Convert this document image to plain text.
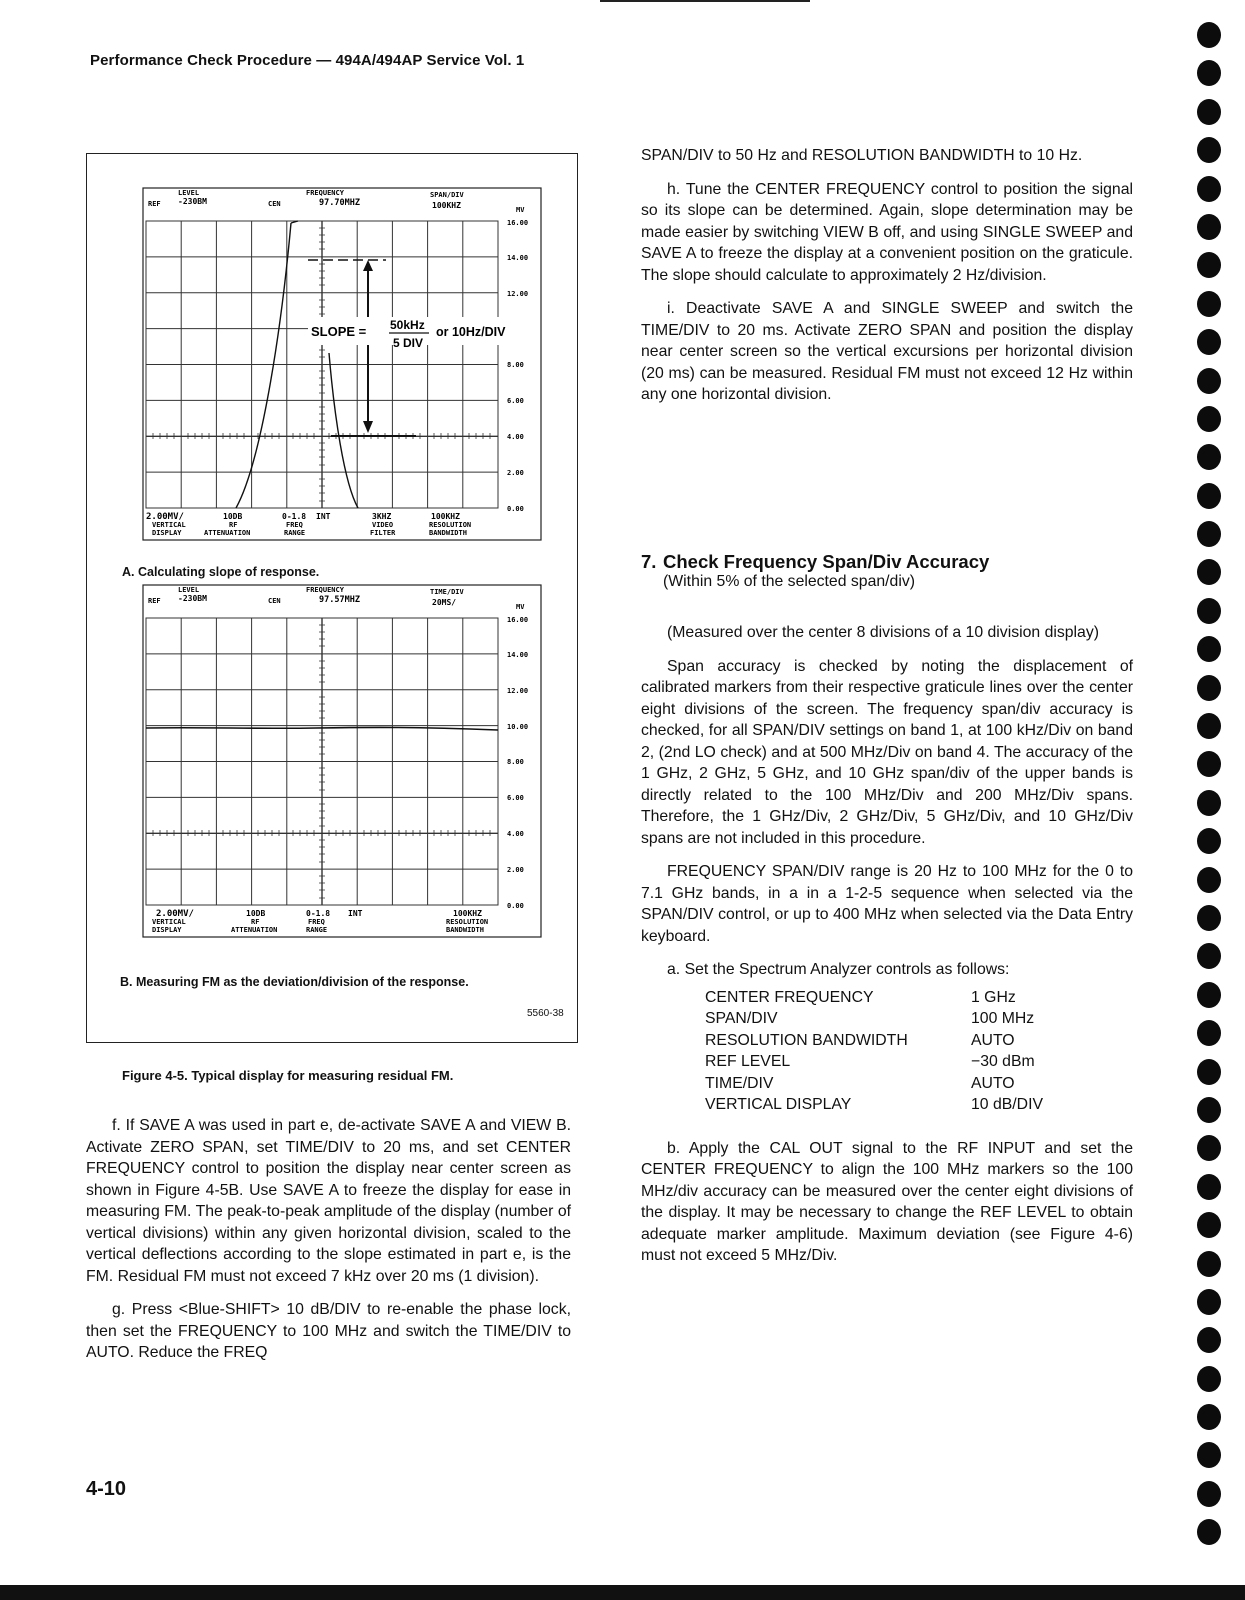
Performance Check Procedure — 494A/494AP Service Vol. 1
LEVEL
REF -230BM	CEN
FREQUENCY
97.70MHZ
SPAN/DIV
100KHZ	MV
SLOPE = 50kHz
5 DIV
or 10Hz/DIV
16.00
14.00
12.00
8.00
6.00
4.00
2.00
0.00
2.00MV/
VERTICAL
DISPLAY
10DB
RF
ATTENUATION
0-1.8
FREQ
RANGE
INT	3KHZ
VIDEO
FILTER
100KHZ
RESOLUTION
BANDWIDTH
LEVEL
REF -230BM	CEN
FREQUENCY
97.57MHZ
TIME/DIV
20MS/	MV
16.00
14.00
12.00
10.00
8.00
6.00
4.00
2.00
0.00
2.00MV/
VERTICAL
DISPLAY
10DB
RF
ATTENUATION
0-1.8
FREQ
RANGE
INT	100KHZ
RESOLUTION
BANDWIDTH
A. Calculating slope of response.
B. Measuring FM as the deviation/division of the response.
5560-38
Figure 4-5. Typical display for measuring residual FM.

f. If SAVE A was used in part e, de-activate SAVE A and VIEW B. Activate ZERO SPAN, set TIME/DIV to 20 ms, and set CENTER FREQUENCY control to position the display near center screen as shown in Figure 4-5B. Use SAVE A to freeze the display for ease in measuring FM. The peak-to-peak amplitude of the display (number of vertical divisions) within any given horizontal division, scaled to the vertical deflections according to the slope estimated in part e, is the FM. Residual FM must not exceed 7 kHz over 20 ms (1 division).

g. Press <Blue-SHIFT> 10 dB/DIV to re-enable the phase lock, then set the FREQUENCY to 100 MHz and switch the TIME/DIV to AUTO. Reduce the FREQ

SPAN/DIV to 50 Hz and RESOLUTION BANDWIDTH to 10 Hz.

h. Tune the CENTER FREQUENCY control to position the signal so its slope can be determined. Again, slope determination may be made easier by switching VIEW B off, and using SINGLE SWEEP and SAVE A to freeze the display at a convenient position on the graticule. The slope should calculate to approximately 2 Hz/division.

i. Deactivate SAVE A and SINGLE SWEEP and switch the TIME/DIV to 20 ms. Activate ZERO SPAN and position the display near center screen so the vertical excursions per horizontal division (20 ms) can be measured. Residual FM must not exceed 12 Hz within any one horizontal division.

7. Check Frequency Span/Div Accuracy
(Within 5% of the selected span/div)

(Measured over the center 8 divisions of a 10 division display)

Span accuracy is checked by noting the displacement of calibrated markers from their respective graticule lines over the center eight divisions of the screen. The frequency span/div accuracy is checked, for all SPAN/DIV settings on band 1, at 100 kHz/Div on band 2, (2nd LO check) and at 500 MHz/Div on band 4. The accuracy of the 1 GHz, 2 GHz, 5 GHz, and 10 GHz span/div of the upper bands is directly related to the 100 MHz/Div and 200 MHz/Div spans. Therefore, the 1 GHz/Div, 2 GHz/Div, 5 GHz/Div, and 10 GHz/Div spans are not included in this procedure.

FREQUENCY SPAN/DIV range is 20 Hz to 100 MHz for the 0 to 7.1 GHz bands, in a in a 1-2-5 sequence when selected via the SPAN/DIV control, or up to 400 MHz when selected via the Data Entry keyboard.

a. Set the Spectrum Analyzer controls as follows:

CENTER FREQUENCY	1 GHz
SPAN/DIV	100 MHz
RESOLUTION BANDWIDTH	AUTO
REF LEVEL	−30 dBm
TIME/DIV	AUTO
VERTICAL DISPLAY	10 dB/DIV

b. Apply the CAL OUT signal to the RF INPUT and set the CENTER FREQUENCY to align the 100 MHz markers so the 100 MHz/div accuracy can be measured over the center eight divisions of the display. It may be necessary to change the REF LEVEL to obtain adequate marker amplitude. Maximum deviation (see Figure 4-6) must not exceed 5 MHz/Div.

4-10
